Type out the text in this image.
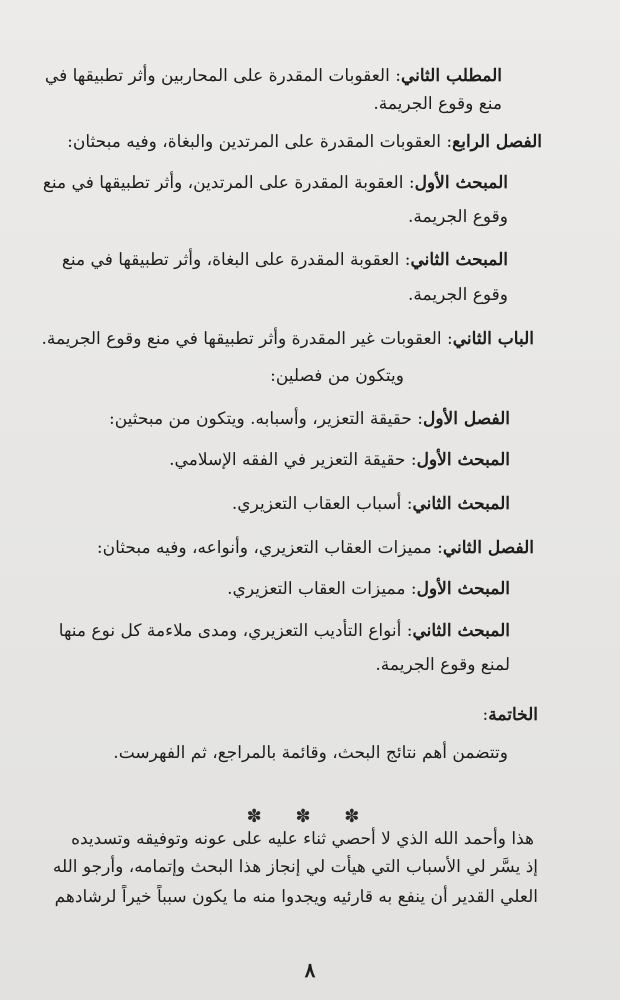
المطلب الثاني: العقوبات المقدرة على المحاربين وأثر تطبيقها في
منع وقوع الجريمة.
الفصل الرابع: العقوبات المقدرة على المرتدين والبغاة، وفيه مبحثان:
المبحث الأول: العقوبة المقدرة على المرتدين، وأثر تطبيقها في منع
وقوع الجريمة.
المبحث الثاني: العقوبة المقدرة على البغاة، وأثر تطبيقها في منع
وقوع الجريمة.
الباب الثاني: العقوبات غير المقدرة وأثر تطبيقها في منع وقوع الجريمة.
ويتكون من فصلين:
الفصل الأول: حقيقة التعزير، وأسبابه. ويتكون من مبحثين:
المبحث الأول: حقيقة التعزير في الفقه الإسلامي.
المبحث الثاني: أسباب العقاب التعزيري.
الفصل الثاني: مميزات العقاب التعزيري، وأنواعه، وفيه مبحثان:
المبحث الأول: مميزات العقاب التعزيري.
المبحث الثاني: أنواع التأديب التعزيري، ومدى ملاءمة كل نوع منها
لمنع وقوع الجريمة.
الخاتمة:
وتتضمن أهم نتائج البحث، وقائمة بالمراجع، ثم الفهرست.
هذا وأحمد الله الذي لا أحصي ثناء عليه على عونه وتوفيقه وتسديده
إذ يسَّر لي الأسباب التي هيأت لي إنجاز هذا البحث وإتمامه، وأرجو الله
العلي القدير أن ينفع به قارئيه ويجدوا منه ما يكون سبباً خيراً لرشادهم
✽ ✽ ✽
٨
